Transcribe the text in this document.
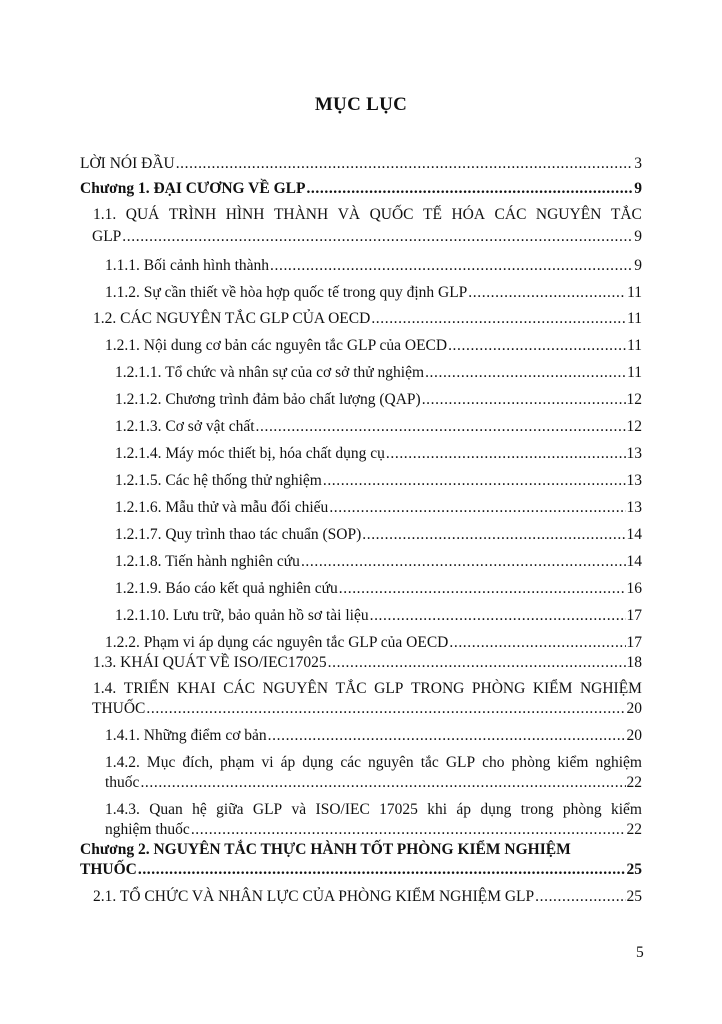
MỤC LỤC
LỜI NÓI ĐẦU .....	3
Chương 1. ĐẠI CƯƠNG VỀ GLP .....	9
1.1. QUÁ TRÌNH HÌNH THÀNH VÀ QUỐC TẾ HÓA CÁC NGUYÊN TẮC
GLP .....	9
1.1.1. Bối cảnh hình thành .....	9
1.1.2. Sự cần thiết về hòa hợp quốc tế trong quy định GLP .....	11
1.2. CÁC NGUYÊN TẮC GLP CỦA OECD .....	11
1.2.1. Nội dung cơ bản các nguyên tắc GLP của OECD .....	11
1.2.1.1. Tổ chức và nhân sự của cơ sở thử nghiệm .....	11
1.2.1.2. Chương trình đảm bảo chất lượng (QAP) .....	12
1.2.1.3. Cơ sở vật chất .....	12
1.2.1.4. Máy móc thiết bị, hóa chất dụng cụ .....	13
1.2.1.5. Các hệ thống thử nghiệm .....	13
1.2.1.6. Mẫu thử và mẫu đối chiếu .....	13
1.2.1.7. Quy trình thao tác chuẩn (SOP) .....	14
1.2.1.8. Tiến hành nghiên cứu .....	14
1.2.1.9. Báo cáo kết quả nghiên cứu .....	16
1.2.1.10. Lưu trữ, bảo quản hồ sơ tài liệu .....	17
1.2.2. Phạm vi áp dụng các nguyên tắc GLP của OECD .....	17
1.3. KHÁI QUÁT VỀ ISO/IEC17025 .....	18
1.4. TRIỂN KHAI CÁC NGUYÊN TẮC GLP TRONG PHÒNG KIỂM NGHIỆM
THUỐC .....	20
1.4.1. Những điểm cơ bản .....	20
1.4.2. Mục đích, phạm vi áp dụng các nguyên tắc GLP cho phòng kiểm nghiệm
thuốc .....	22
1.4.3. Quan hệ giữa GLP và ISO/IEC 17025 khi áp dụng trong phòng kiểm
nghiệm thuốc .....	22
Chương 2. NGUYÊN TẮC THỰC HÀNH TỐT PHÒNG KIỂM NGHIỆM
THUỐC .....	25
2.1. TỔ CHỨC VÀ NHÂN LỰC CỦA PHÒNG KIỂM NGHIỆM GLP .....	25
5
